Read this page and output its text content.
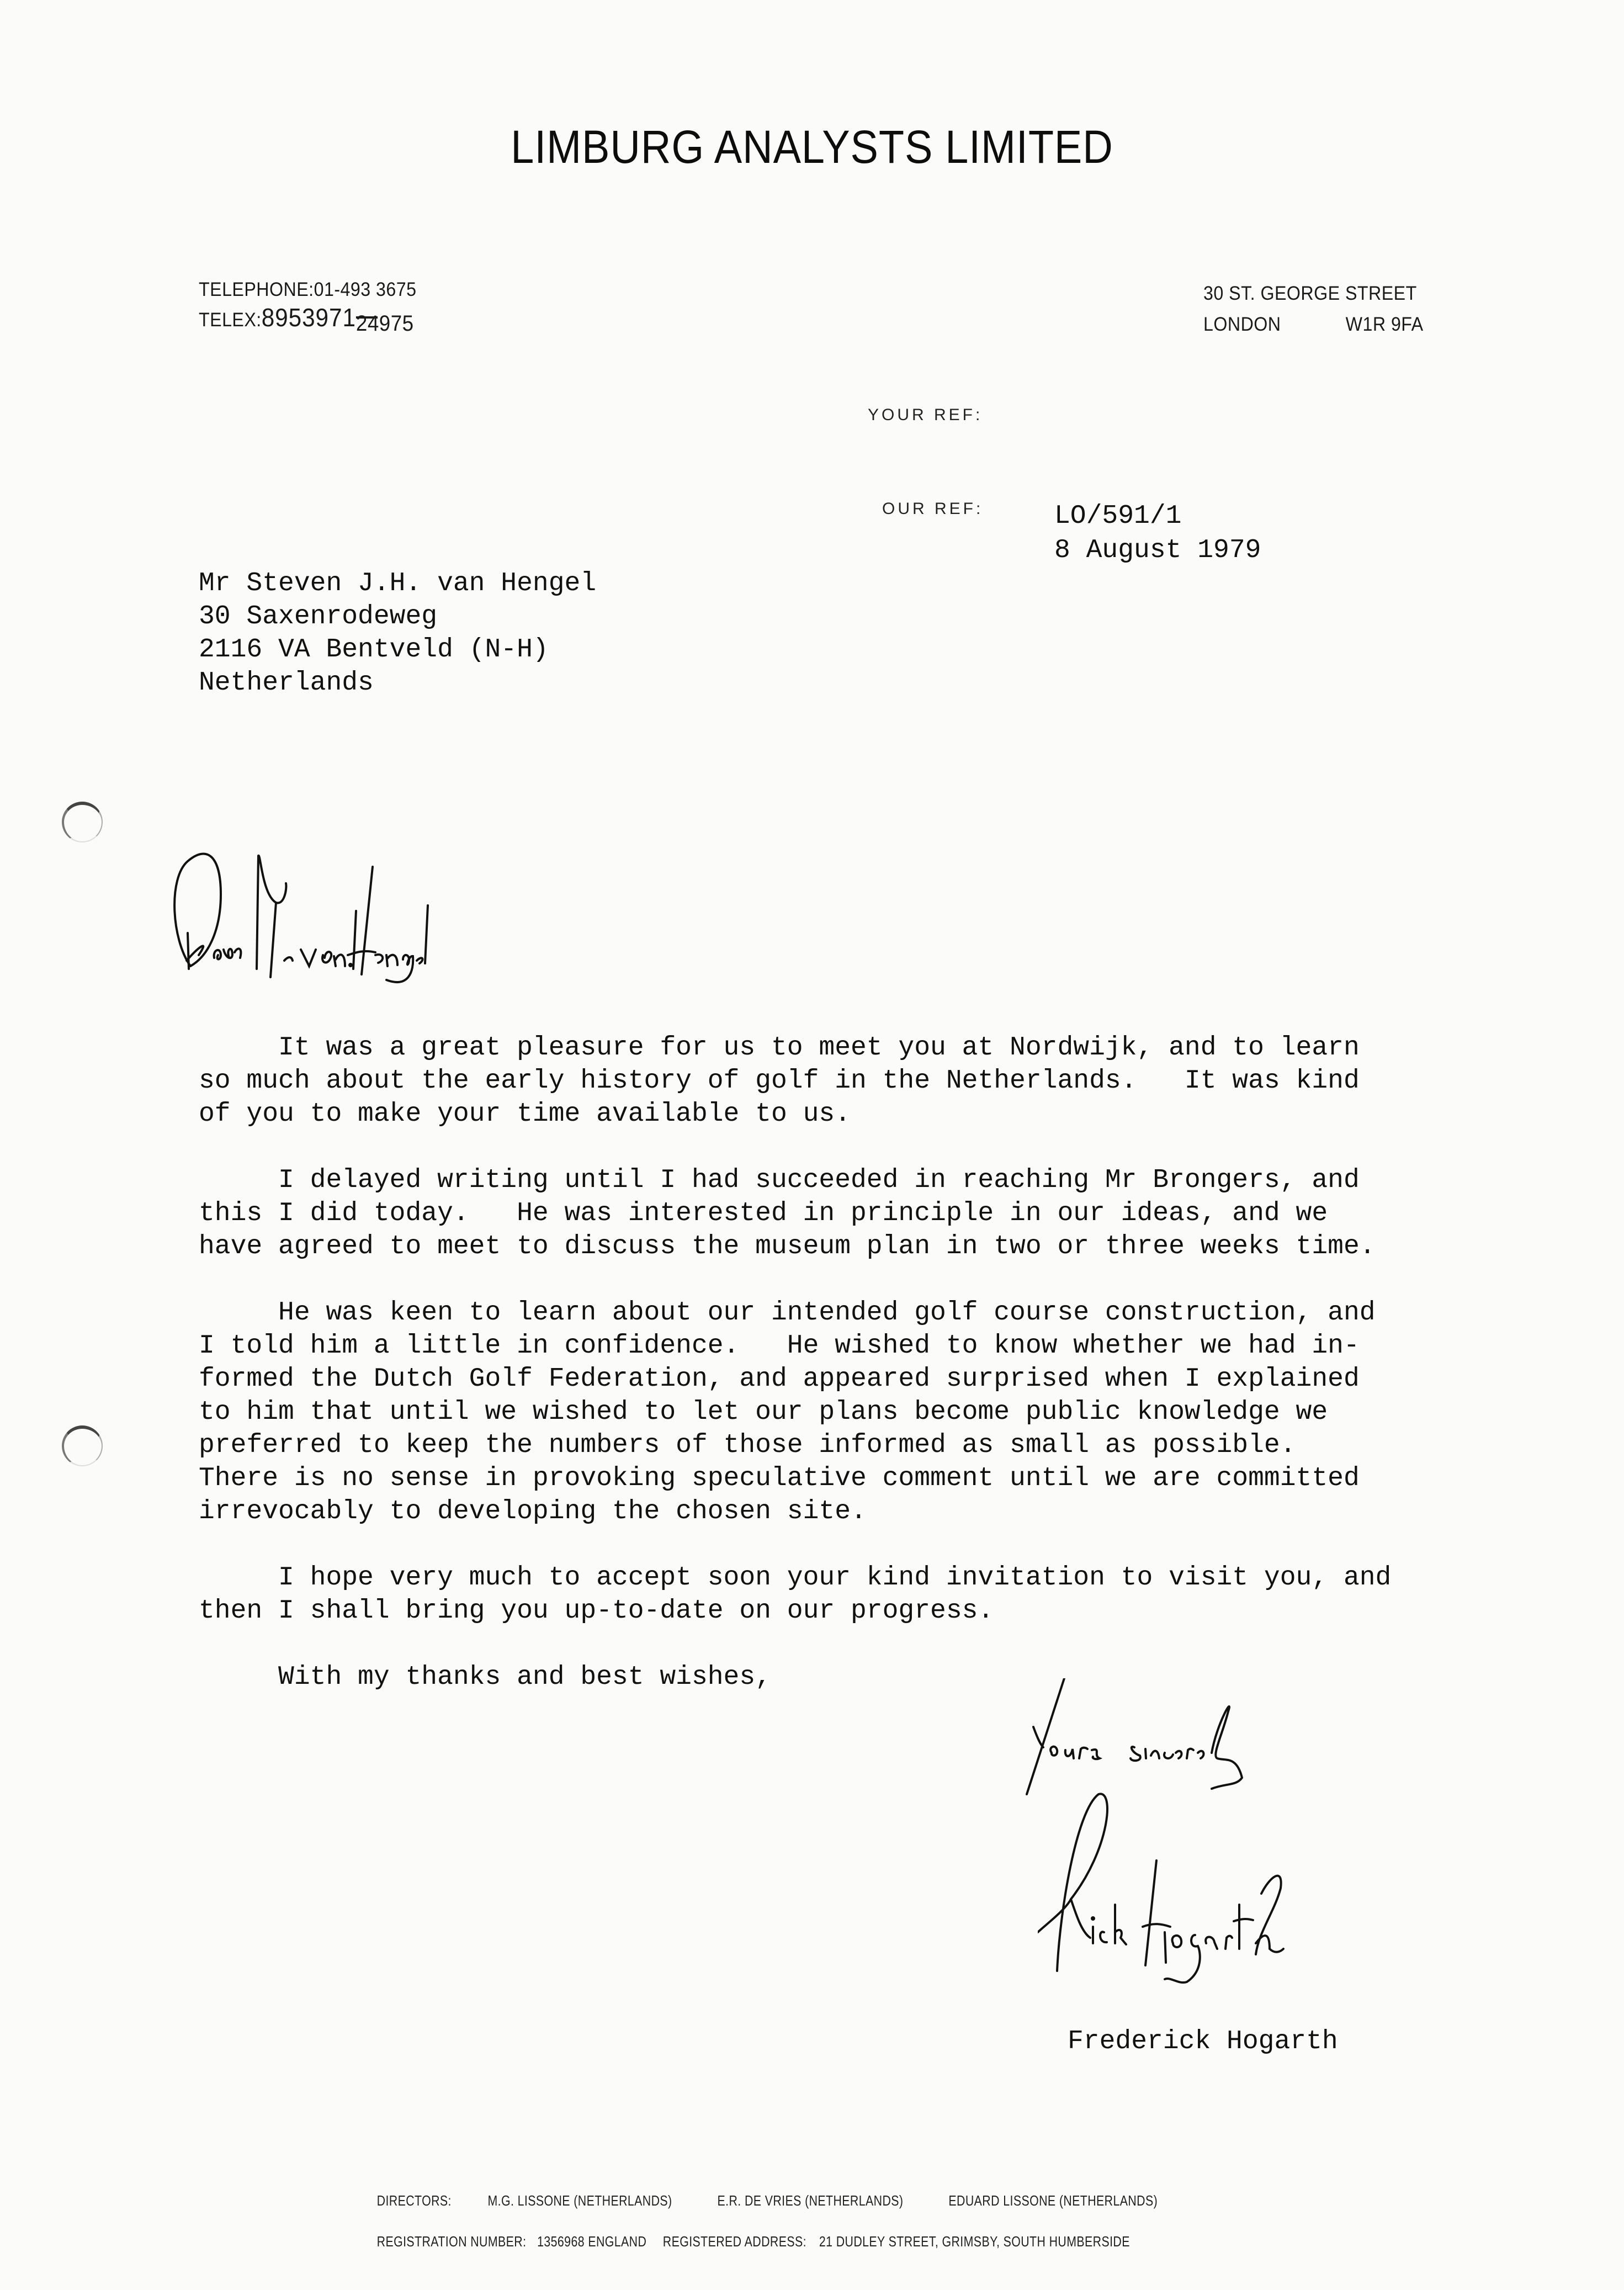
LIMBURG ANALYSTS LIMITED
TELEPHONE:01-493 3675
TELEX:895397124975

30 ST. GEORGE STREET
LONDON	W1R 9FA
YOUR REF:
OUR REF:	LO/591/1
8 August 1979
Mr Steven J.H. van Hengel
30 Saxenrodeweg
2116 VA Bentveld (N-H)
Netherlands
It was a great pleasure for us to meet you at Nordwijk, and to learn
so much about the early history of golf in the Netherlands.   It was kind
of you to make your time available to us.
I delayed writing until I had succeeded in reaching Mr Brongers, and
this I did today.   He was interested in principle in our ideas, and we
have agreed to meet to discuss the museum plan in two or three weeks time.
He was keen to learn about our intended golf course construction, and
I told him a little in confidence.   He wished to know whether we had in-
formed the Dutch Golf Federation, and appeared surprised when I explained
to him that until we wished to let our plans become public knowledge we
preferred to keep the numbers of those informed as small as possible.
There is no sense in provoking speculative comment until we are committed
irrevocably to developing the chosen site.
I hope very much to accept soon your kind invitation to visit you, and
then I shall bring you up-to-date on our progress.
With my thanks and best wishes,
Frederick Hogarth

DIRECTORS:	M.G. LISSONE (NETHERLANDS)	E.R. DE VRIES (NETHERLANDS)	EDUARD LISSONE (NETHERLANDS)

REGISTRATION NUMBER: 1356968 ENGLAND REGISTERED ADDRESS: 21 DUDLEY STREET, GRIMSBY, SOUTH HUMBERSIDE
